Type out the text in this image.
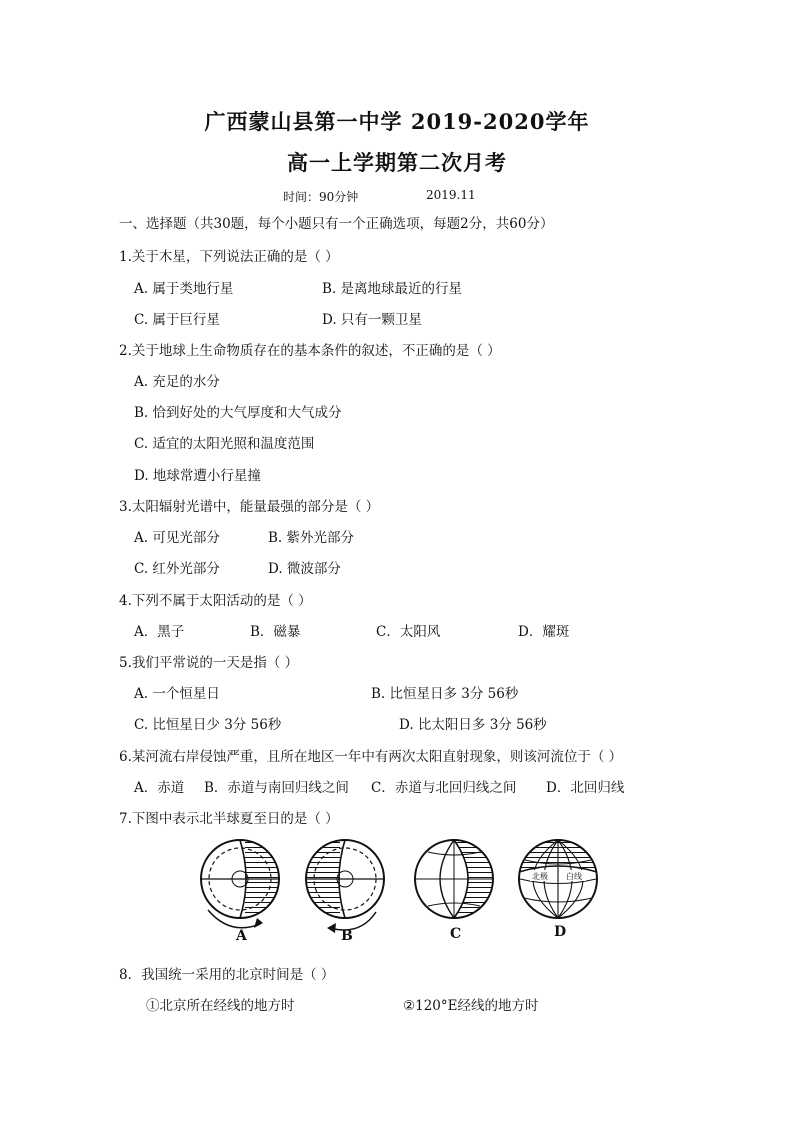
广西蒙山县第一中学 2019-2020学年
高一上学期第二次月考
时间：90分钟	2019.11
一、选择题（共30题，每个小题只有一个正确选项，每题2分，共60分）
1.关于木星，下列说法正确的是（ ）
A. 属于类地行星	B. 是离地球最近的行星
C. 属于巨行星	D. 只有一颗卫星
2.关于地球上生命物质存在的基本条件的叙述，不正确的是（ ）
A. 充足的水分
B. 恰到好处的大气厚度和大气成分
C. 适宜的太阳光照和温度范围
D. 地球常遭小行星撞
3.太阳辐射光谱中，能量最强的部分是（ ）
A. 可见光部分	B. 紫外光部分
C. 红外光部分	D. 微波部分
4.下列不属于太阳活动的是（ ）
A．黑子	B．磁暴	C．太阳风	D．耀斑
5.我们平常说的一天是指（ ）
A. 一个恒星日	B. 比恒星日多 3分 56秒
C. 比恒星日少 3分 56秒	D. 比太阳日多 3分 56秒
6.某河流右岸侵蚀严重，且所在地区一年中有两次太阳直射现象，则该河流位于（ ）
A．赤道 B．赤道与南回归线之间 C．赤道与北回归线之间 D．北回归线
7.下图中表示北半球夏至日的是（ ）
北极 白线
A	B	C	D
8．我国统一采用的北京时间是（ ）
①北京所在经线的地方时	②120°E经线的地方时
